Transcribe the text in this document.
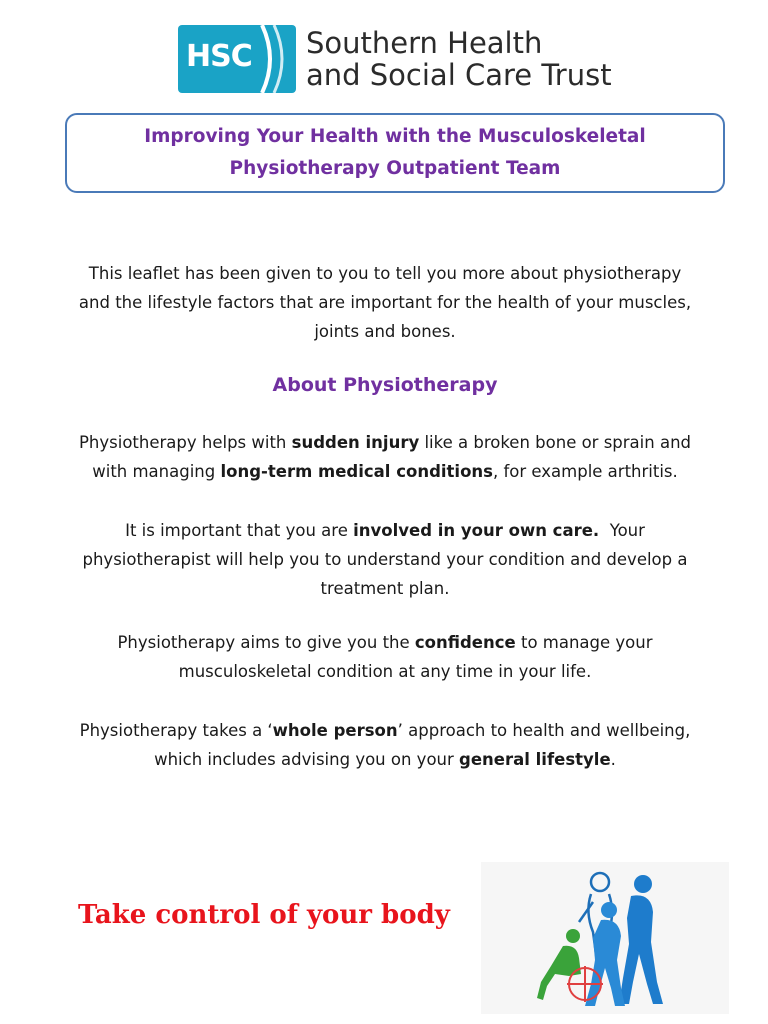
HSC Southern Health
and Social Care Trust
Improving Your Health with the Musculoskeletal
Physiotherapy Outpatient Team
This leaflet has been given to you to tell you more about physiotherapy
and the lifestyle factors that are important for the health of your muscles,
joints and bones.
About Physiotherapy
Physiotherapy helps with sudden injury like a broken bone or sprain and
with managing long-term medical conditions, for example arthritis.
It is important that you are involved in your own care.  Your
physiotherapist will help you to understand your condition and develop a
treatment plan.
Physiotherapy aims to give you the confidence to manage your
musculoskeletal condition at any time in your life.
Physiotherapy takes a ‘whole person’ approach to health and wellbeing,
which includes advising you on your general lifestyle.
Take control of your body
